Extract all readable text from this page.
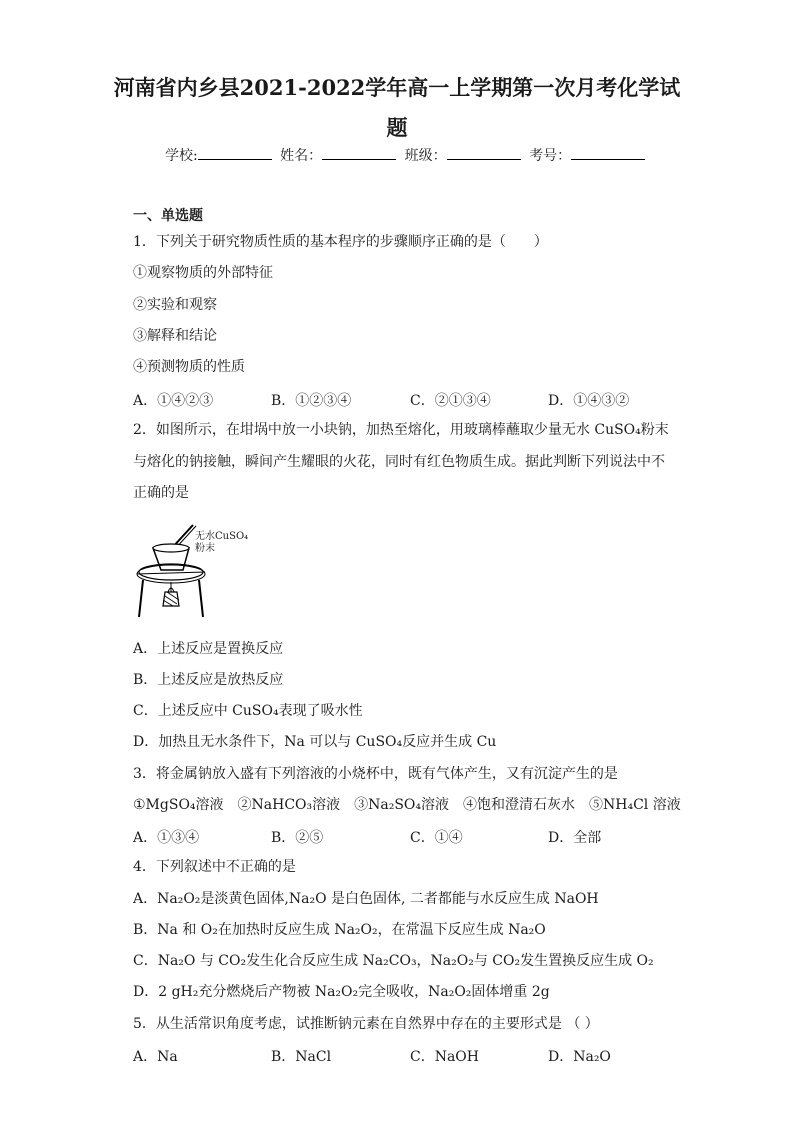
河南省内乡县2021-2022学年高一上学期第一次月考化学试
题
学校:	姓名：	班级：	考号：
一、单选题
1．下列关于研究物质性质的基本程序的步骤顺序正确的是（　　）
①观察物质的外部特征
②实验和观察
③解释和结论
④预测物质的性质
A．①④②③	B．①②③④	C．②①③④	D．①④③②
2．如图所示，在坩埚中放一小块钠，加热至熔化，用玻璃棒蘸取少量无水 CuSO₄粉末
与熔化的钠接触，瞬间产生耀眼的火花，同时有红色物质生成。据此判断下列说法中不
正确的是
无水CuSO₄
粉末
A．上述反应是置换反应
B．上述反应是放热反应
C．上述反应中 CuSO₄表现了吸水性
D．加热且无水条件下，Na 可以与 CuSO₄反应并生成 Cu
3．将金属钠放入盛有下列溶液的小烧杯中，既有气体产生，又有沉淀产生的是
①MgSO₄溶液　②NaHCO₃溶液　③Na₂SO₄溶液　④饱和澄清石灰水　⑤NH₄Cl 溶液
A．①③④	B．②⑤	C．①④	D．全部
4．下列叙述中不正确的是
A．Na₂O₂是淡黄色固体,Na₂O 是白色固体, 二者都能与水反应生成 NaOH
B．Na 和 O₂在加热时反应生成 Na₂O₂，在常温下反应生成 Na₂O
C．Na₂O 与 CO₂发生化合反应生成 Na₂CO₃，Na₂O₂与 CO₂发生置换反应生成 O₂
D．2 gH₂充分燃烧后产物被 Na₂O₂完全吸收，Na₂O₂固体增重 2g
5．从生活常识角度考虑，试推断钠元素在自然界中存在的主要形式是 （ ）
A．Na	B．NaCl	C．NaOH	D．Na₂O
